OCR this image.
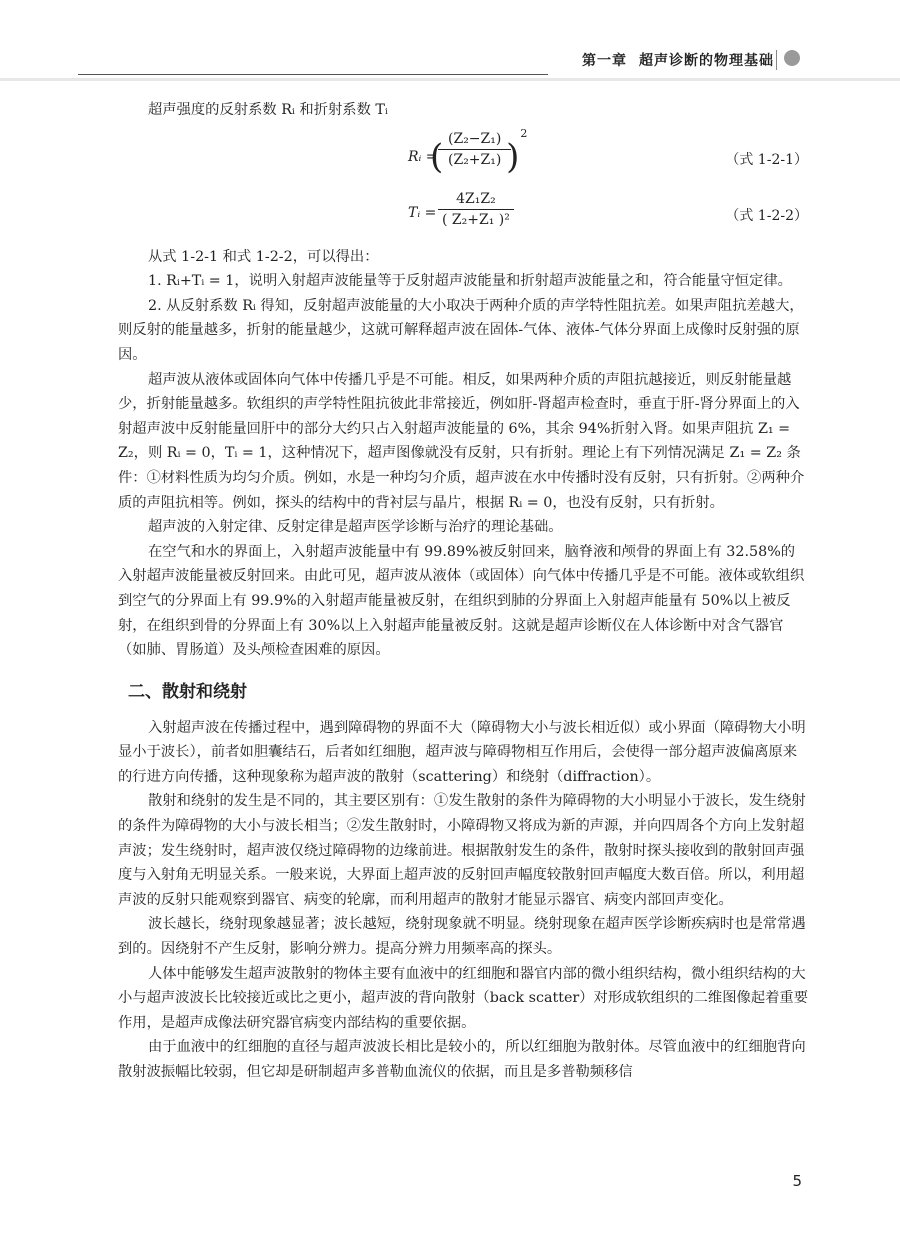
第一章 超声诊断的物理基础

超声强度的反射系数 Rᵢ 和折射系数 Tᵢ

Rᵢ =
( (Z₂−Z₁)
(Z₂+Z₁) )
2
（式 1-2-1）
Tᵢ = $\frac{\text{4Z₁Z₂}}{\text{( Z₂+Z₁ )²}}$	（式 1-2-2）

从式 1-2-1 和式 1-2-2，可以得出：

1. Rᵢ+Tᵢ = 1，说明入射超声波能量等于反射超声波能量和折射超声波能量之和，符合能量守恒定律。

2. 从反射系数 Rᵢ 得知，反射超声波能量的大小取决于两种介质的声学特性阻抗差。如果声阻抗差越大，则反射的能量越多，折射的能量越少，这就可解释超声波在固体-气体、液体-气体分界面上成像时反射强的原因。

超声波从液体或固体向气体中传播几乎是不可能。相反，如果两种介质的声阻抗越接近，则反射能量越少，折射能量越多。软组织的声学特性阻抗彼此非常接近，例如肝-肾超声检查时，垂直于肝-肾分界面上的入射超声波中反射能量回肝中的部分大约只占入射超声波能量的 6%，其余 94%折射入肾。如果声阻抗 Z₁ = Z₂，则 Rᵢ = 0，Tᵢ = 1，这种情况下，超声图像就没有反射，只有折射。理论上有下列情况满足 Z₁ = Z₂ 条件：①材料性质为均匀介质。例如，水是一种均匀介质，超声波在水中传播时没有反射，只有折射。②两种介质的声阻抗相等。例如，探头的结构中的背衬层与晶片，根据 Rᵢ = 0，也没有反射，只有折射。

超声波的入射定律、反射定律是超声医学诊断与治疗的理论基础。

在空气和水的界面上，入射超声波能量中有 99.89%被反射回来，脑脊液和颅骨的界面上有 32.58%的入射超声波能量被反射回来。由此可见，超声波从液体（或固体）向气体中传播几乎是不可能。液体或软组织到空气的分界面上有 99.9%的入射超声能量被反射，在组织到肺的分界面上入射超声能量有 50%以上被反射，在组织到骨的分界面上有 30%以上入射超声能量被反射。这就是超声诊断仪在人体诊断中对含气器官（如肺、胃肠道）及头颅检查困难的原因。

二、散射和绕射

入射超声波在传播过程中，遇到障碍物的界面不大（障碍物大小与波长相近似）或小界面（障碍物大小明显小于波长），前者如胆囊结石，后者如红细胞，超声波与障碍物相互作用后，会使得一部分超声波偏离原来的行进方向传播，这种现象称为超声波的散射（scattering）和绕射（diffraction）。

散射和绕射的发生是不同的，其主要区别有：①发生散射的条件为障碍物的大小明显小于波长，发生绕射的条件为障碍物的大小与波长相当；②发生散射时，小障碍物又将成为新的声源，并向四周各个方向上发射超声波；发生绕射时，超声波仅绕过障碍物的边缘前进。根据散射发生的条件，散射时探头接收到的散射回声强度与入射角无明显关系。一般来说，大界面上超声波的反射回声幅度较散射回声幅度大数百倍。所以，利用超声波的反射只能观察到器官、病变的轮廓，而利用超声的散射才能显示器官、病变内部回声变化。

波长越长，绕射现象越显著；波长越短，绕射现象就不明显。绕射现象在超声医学诊断疾病时也是常常遇到的。因绕射不产生反射，影响分辨力。提高分辨力用频率高的探头。

人体中能够发生超声波散射的物体主要有血液中的红细胞和器官内部的微小组织结构，微小组织结构的大小与超声波波长比较接近或比之更小，超声波的背向散射（back scatter）对形成软组织的二维图像起着重要作用，是超声成像法研究器官病变内部结构的重要依据。

由于血液中的红细胞的直径与超声波波长相比是较小的，所以红细胞为散射体。尽管血液中的红细胞背向散射波振幅比较弱，但它却是研制超声多普勒血流仪的依据，而且是多普勒频移信

5
